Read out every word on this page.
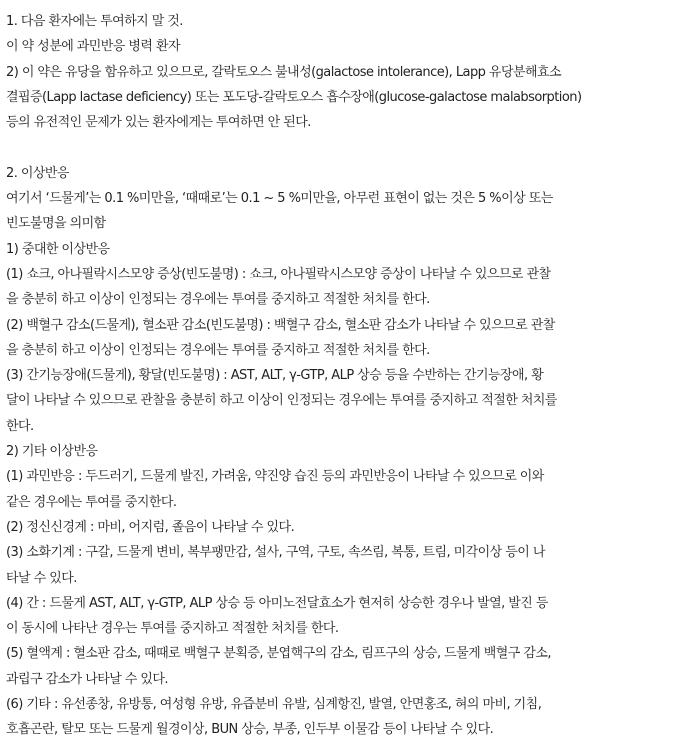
1. 다음 환자에는 투여하지 말 것.

이 약 성분에 과민반응 병력 환자

2) 이 약은 유당을 함유하고 있으므로, 갈락토오스 불내성(galactose intolerance), Lapp 유당분해효소

결핍증(Lapp lactase deficiency) 또는 포도당-갈락토오스 흡수장애(glucose-galactose malabsorption)

등의 유전적인 문제가 있는 환자에게는 투여하면 안 된다.

2. 이상반응

여기서 ‘드물게’는 0.1 %미만을, ‘때때로’는 0.1 ~ 5 %미만을, 아무런 표현이 없는 것은 5 %이상 또는

빈도불명을 의미함

1) 중대한 이상반응

(1) 쇼크, 아나필락시스모양 증상(빈도불명) : 쇼크, 아나필락시스모양 증상이 나타날 수 있으므로 관찰

을 충분히 하고 이상이 인정되는 경우에는 투여를 중지하고 적절한 처치를 한다.

(2) 백혈구 감소(드물게), 혈소판 감소(빈도불명) : 백혈구 감소, 혈소판 감소가 나타날 수 있으므로 관찰

을 충분히 하고 이상이 인정되는 경우에는 투여를 중지하고 적절한 처치를 한다.

(3) 간기능장애(드물게), 황달(빈도불명) : AST, ALT, γ-GTP, ALP 상승 등을 수반하는 간기능장애, 황

달이 나타날 수 있으므로 관찰을 충분히 하고 이상이 인정되는 경우에는 투여를 중지하고 적절한 처치를

한다.

2) 기타 이상반응

(1) 과민반응 : 두드러기, 드물게 발진, 가려움, 약진양 습진 등의 과민반응이 나타날 수 있으므로 이와

같은 경우에는 투여를 중지한다.

(2) 정신신경계 : 마비, 어지럼, 졸음이 나타날 수 있다.

(3) 소화기계 : 구갈, 드물게 변비, 복부팽만감, 설사, 구역, 구토, 속쓰림, 복통, 트림, 미각이상 등이 나

타날 수 있다.

(4) 간 : 드물게 AST, ALT, γ-GTP, ALP 상승 등 아미노전달효소가 현저히 상승한 경우나 발열, 발진 등

이 동시에 나타난 경우는 투여를 중지하고 적절한 처치를 한다.

(5) 혈액계 : 혈소판 감소, 때때로 백혈구 분획증, 분엽핵구의 감소, 림프구의 상승, 드물게 백혈구 감소,

과립구 감소가 나타날 수 있다.

(6) 기타 : 유선종창, 유방통, 여성형 유방, 유즙분비 유발, 심계항진, 발열, 안면홍조, 혀의 마비, 기침,

호흡곤란, 탈모 또는 드물게 월경이상, BUN 상승, 부종, 인두부 이물감 등이 나타날 수 있다.
